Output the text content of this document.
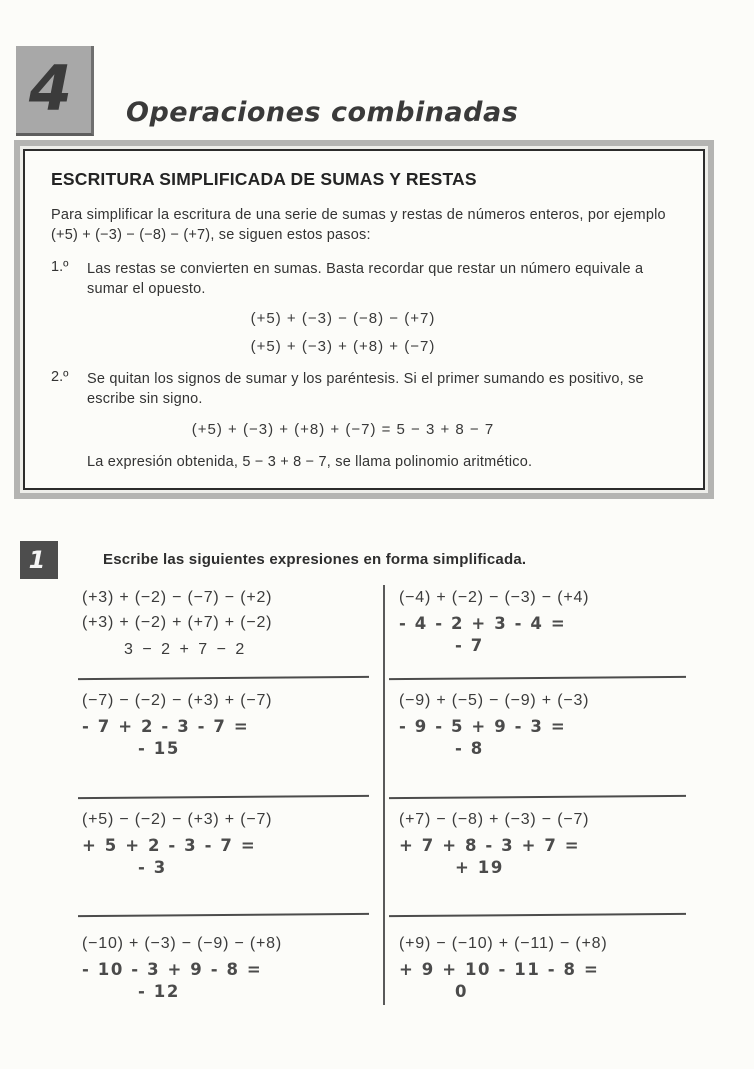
4 Operaciones combinadas
ESCRITURA SIMPLIFICADA DE SUMAS Y RESTAS

Para simplificar la escritura de una serie de sumas y restas de números enteros, por ejemplo (+5) + (−3) − (−8) − (+7), se siguen estos pasos:

1.º	Las restas se convierten en sumas. Basta recordar que restar un número equivale a sumar el opuesto.
(+5) + (−3) − (−8) − (+7)
(+5) + (−3) + (+8) + (−7)
2.º	Se quitan los signos de sumar y los paréntesis. Si el primer sumando es positivo, se escribe sin signo.
(+5) + (−3) + (+8) + (−7) = 5 − 3 + 8 − 7

La expresión obtenida, 5 − 3 + 8 − 7, se llama polinomio aritmético.

1	Escribe las siguientes expresiones en forma simplificada.
(+3) + (−2) − (−7) − (+2)
(+3) + (−2) + (+7) + (−2)
3 − 2 + 7 − 2
(−4) + (−2) − (−3) − (+4)
- 4 - 2 + 3 - 4 =
- 7
(−7) − (−2) − (+3) + (−7)
- 7 + 2 - 3 - 7 =
- 15
(−9) + (−5) − (−9) + (−3)
- 9 - 5 + 9 - 3 =
- 8
(+5) − (−2) − (+3) + (−7)
+ 5 + 2 - 3 - 7 =
- 3
(+7) − (−8) + (−3) − (−7)
+ 7 + 8 - 3 + 7 =
+ 19
(−10) + (−3) − (−9) − (+8)
- 10 - 3 + 9 - 8 =
- 12
(+9) − (−10) + (−11) − (+8)
+ 9 + 10 - 11 - 8 =
0
